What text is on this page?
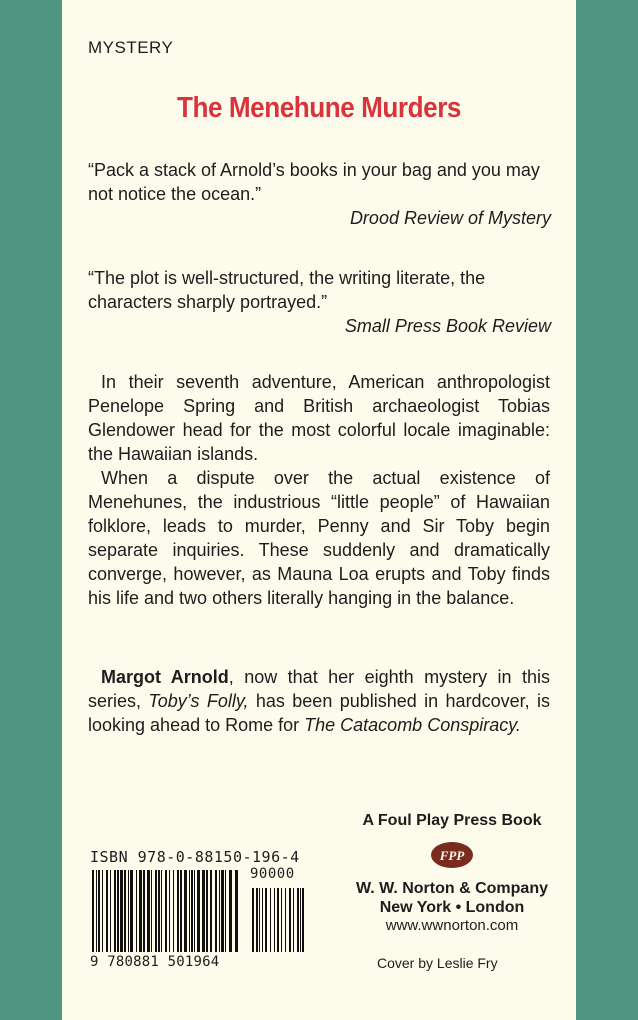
MYSTERY
The Menehune Murders
“Pack a stack of Arnold’s books in your bag and you may not notice the ocean.”
Drood Review of Mystery
“The plot is well-structured, the writing literate, the characters sharply portrayed.”
Small Press Book Review

In their seventh adventure, American anthropologist Penelope Spring and British archaeologist Tobias Glendower head for the most colorful locale imaginable: the Hawaiian islands.

When a dispute over the actual existence of Menehunes, the industrious “little people” of Hawaiian folklore, leads to murder, Penny and Sir Toby begin separate inquiries. These suddenly and dramatically converge, however, as Mauna Loa erupts and Toby finds his life and two others literally hanging in the balance.

Margot Arnold, now that her eighth mystery in this series, Toby’s Folly, has been published in hardcover, is looking ahead to Rome for The Catacomb Conspiracy.
ISBN 978-0-88150-196-4
90000
9 780881 501964
A Foul Play Press Book
FPP
W. W. Norton & Company
New York • London
www.wwnorton.com
Cover by Leslie Fry
